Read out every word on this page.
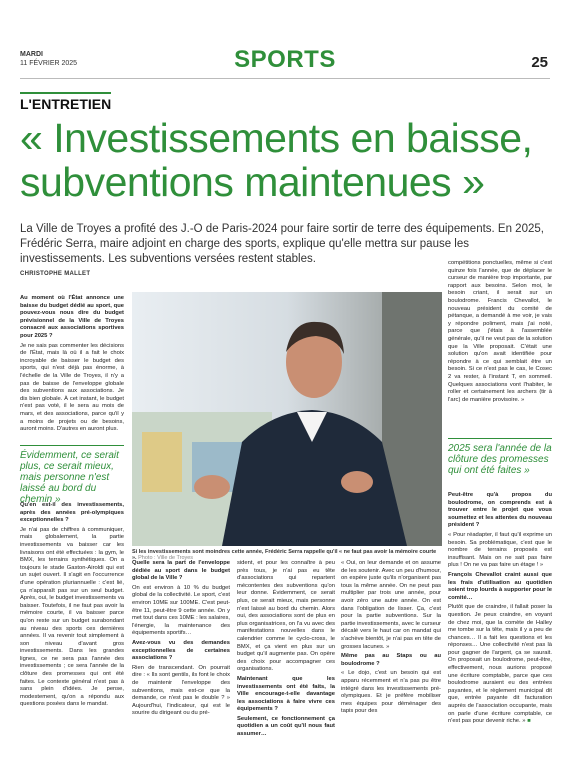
MARDI
11 FÉVRIER 2025	SPORTS	25
L'ENTRETIEN
« Investissements en baisse, subventions maintenues »
La Ville de Troyes a profité des J.-O de Paris-2024 pour faire sortir de terre des équipements. En 2025, Frédéric Serra, maire adjoint en charge des sports, explique qu'elle mettra sur pause les investissements. Les subventions versées restent stables.
CHRISTOPHE MALLET

Au moment où l'État annonce une baisse du budget dédié au sport, que pouvez-vous nous dire du budget prévisionnel de la Ville de Troyes consacré aux associations sportives pour 2025 ?

Je ne sais pas commenter les décisions de l'État, mais là où il a fait le choix incroyable de baisser le budget des sports, qui n'est déjà pas énorme, à l'échelle de la Ville de Troyes, il n'y a pas de baisse de l'enveloppe globale des subventions aux associations. Je dis bien globale. À cet instant, le budget n'est pas voté, il le sera au mois de mars, et des associations, parce qu'il y a moins de projets ou de besoins, auront moins. D'autres en auront plus.

Évidemment, ce serait plus, ce serait mieux, mais personne n'est laissé au bord du chemin »

Qu'en est-il des investissements, après des années pré-olympiques exceptionnelles ?

Je n'ai pas de chiffres à communiquer, mais globalement, la partie investissements va baisser car les livraisons ont été effectuées : la gym, le BMX, les terrains synthétiques. On a toujours le stade Gaston-Airoldi qui est un sujet ouvert. Il s'agit en l'occurrence d'une opération pluriannuelle : c'est lié, ça n'apparaît pas sur un seul budget. Après, oui, le budget investissements va baisser. Toutefois, il ne faut pas avoir la mémoire courte, il va baisser parce qu'on reste sur un budget surabondant au niveau des sports ces dernières années. Il va revenir tout simplement à son niveau d'avant gros investissements. Dans les grandes lignes, ce ne sera pas l'année des investissements ; ce sera l'année de la clôture des promesses qui ont été faites. Le contexte général n'est pas à sans plein d'idées. Je pense, modestement, qu'on a répondu aux questions posées dans le mandat.

Si les investissements sont moindres cette année, Frédéric Serra rappelle qu'il « ne faut pas avoir la mémoire courte ». Photo : Ville de Troyes

Quelle sera la part de l'enveloppe dédiée au sport dans le budget global de la Ville ?

On est environ à 10 % du budget global de la collectivité. Le sport, c'est environ 10ME sur 100ME. C'est peut-être 11, peut-être 9 cette année. On y met tout dans ces 10ME : les salaires, l'énergie, la maintenance des équipements sportifs…

Avez-vous vu des demandes exceptionnelles de certaines associations ?

Rien de transcendant. On pourrait dire : « Ils sont gentils, ils font le choix de maintenir l'enveloppe des subventions, mais est-ce que la demande, ce n'est pas le double ? » Aujourd'hui, l'indicateur, qui est le sourire du dirigeant ou du pré-

sident, et pour les connaître à peu près tous, je n'ai pas eu tête d'associations qui repartent mécontentes des subventions qu'on leur donne. Évidemment, ce serait plus, ce serait mieux, mais personne n'est laissé au bord du chemin. Alors oui, des associations sont de plus en plus organisatrices, on l'a vu avec des manifestations nouvelles dans le calendrier comme le cyclo-cross, le BMX, et ça vient en plus sur un budget qu'il augmente pas. On opère des choix pour accompagner ces organisations.

Maintenant que les investissements ont été faits, la Ville encourage-t-elle davantage les associations à faire vivre ces équipements ?

Seulement, ce fonctionnement ça quotidien a un coût qu'il nous faut assumer…

« Oui, on leur demande et on assume de les soutenir. Avec un peu d'humour, on espère juste qu'ils n'organisent pas tous la même année. On ne peut pas multiplier par trois une année, pour avoir zéro une autre année. On est dans l'obligation de lisser. Ça, c'est pour la partie subventions. Sur la partie investissements, avec le curseur décalé vers le haut car on mandat qui s'achève bientôt, je n'ai pas en tête de grosses lacunes. »

Même pas au Staps ou au boulodrome ?

« Le dojo, c'est un besoin qui est apparu récemment et n'a pas pu être intégré dans les investissements pré-olympiques. Et je préfère mobiliser mes équipes pour déménager des tapis pour des

compétitions ponctuelles, même si c'est quinze fois l'année, que de déplacer le curseur de manière trop importante, par rapport aux besoins. Selon moi, le besoin criant, il serait sur un boulodrome. Francis Chevallot, le nouveau président du comité de pétanque, a demandé à me voir, je vais y répondre poliment, mais j'ai noté, parce que j'étais à l'assemblée générale, qu'il ne veut pas de la solution que la Ville proposait. C'était une solution qu'on avait identifiée pour répondre à ce qui semblait être un besoin. Si ce n'est pas le cas, le Cosec 2 va rester, à l'instant T, en sommeil. Quelques associations vont l'habiter, le roller et certainement les archers (tir à l'arc) de manière provisoire. »

2025 sera l'année de la clôture des promesses qui ont été faites »

Peut-être qu'à propos du boulodrome, on comprends est à trouver entre le projet que vous soumettez et les attentes du nouveau président ?

« Pour réadapter, il faut qu'il exprime un besoin. Sa problématique, c'est que le nombre de terrains proposés est insuffisant. Mais on ne sait pas faire plus ! On ne va pas faire un étage ! »

François Chevallot craint aussi que les frais d'utilisation au quotidien soient trop lourds à supporter pour le comité…

Plutôt que de craindre, il fallait poser la question. Je peux craindre, en voyant de chez moi, que la comète de Halley me tombe sur la tête, mais il y a peu de chances… Il a fait les questions et les réponses… Une collectivité n'est pas là pour gagner de l'argent, ça se saurait. On proposait un boulodrome, peut-être, effectivement, nous aurions proposé une écriture comptable, parce que ces boulodrome auraient eu des entrées payantes, et le règlement municipal dit que, entrée payante dit facturation auprès de l'association occupante, mais on parle d'une écriture comptable, ce n'est pas pour devenir riche. » ■
